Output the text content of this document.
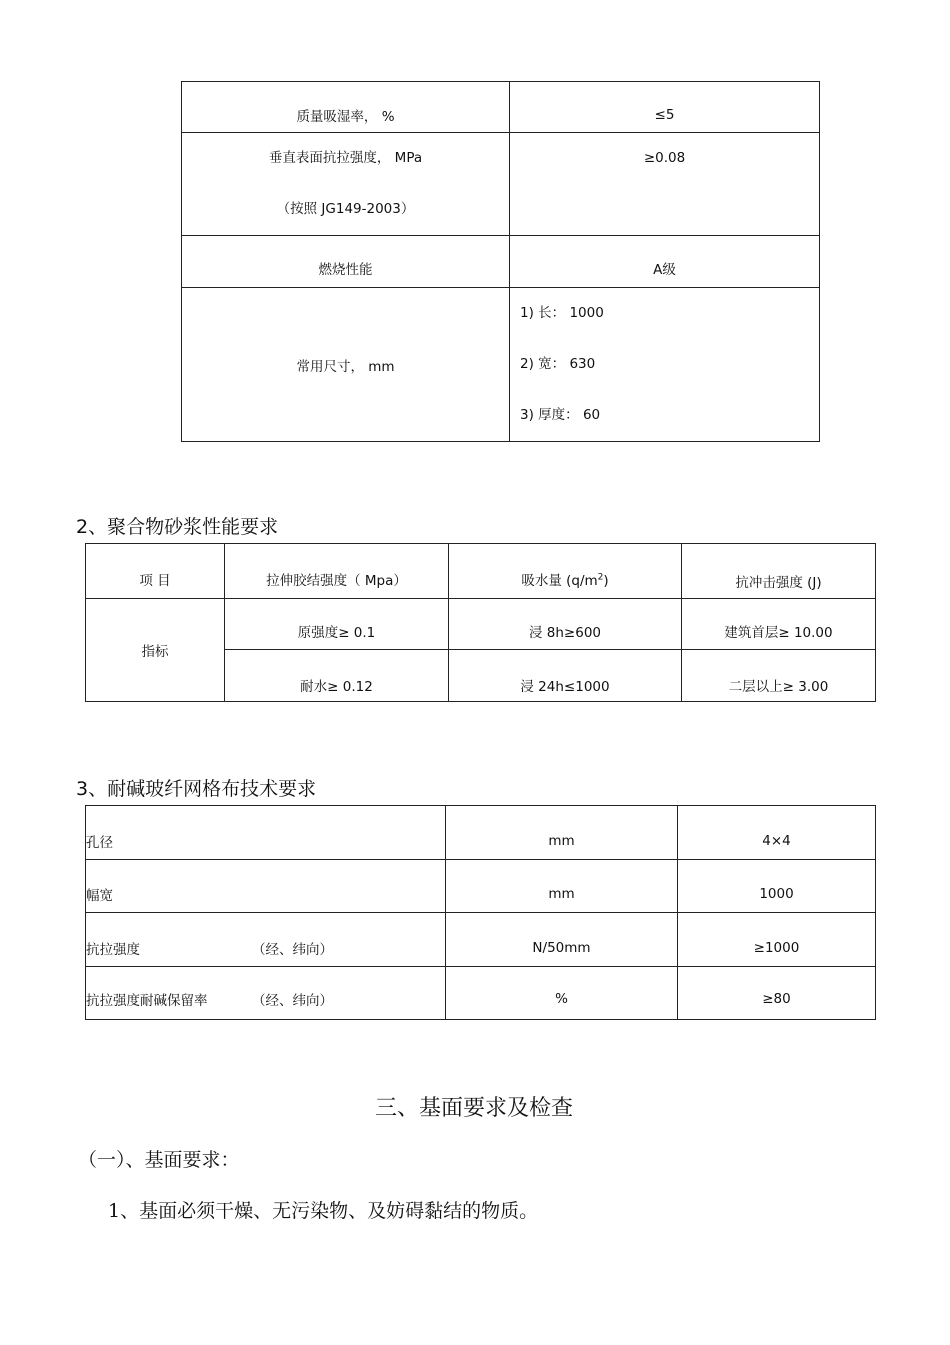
质量吸湿率， %	≤5

垂直表面抗拉强度， MPa
（按照 JG149-2003）	≥0.08

燃烧性能	A级
常用尺寸， mm	1) 长： 1000
2) 宽： 630
3) 厚度： 60
2、聚合物砂浆性能要求
项 目	拉伸胶结强度（ Mpa）	吸水量 $(q/m^2)$	抗冲击强度 (J)
指标	原强度≥ 0.1	浸 8h≥600	建筑首层≥ 10.00
	耐水≥ 0.12	浸 24h≤1000	二层以上≥ 3.00
3、耐碱玻纤网格布技术要求
孔径	mm	4×4
幅宽	mm	1000
抗拉强度 （经、纬向）	N/50mm	≥1000
抗拉强度耐碱保留率 （经、纬向）	%	≥80
三、基面要求及检查
（一）、基面要求：
1、基面必须干燥、无污染物、及妨碍黏结的物质。
